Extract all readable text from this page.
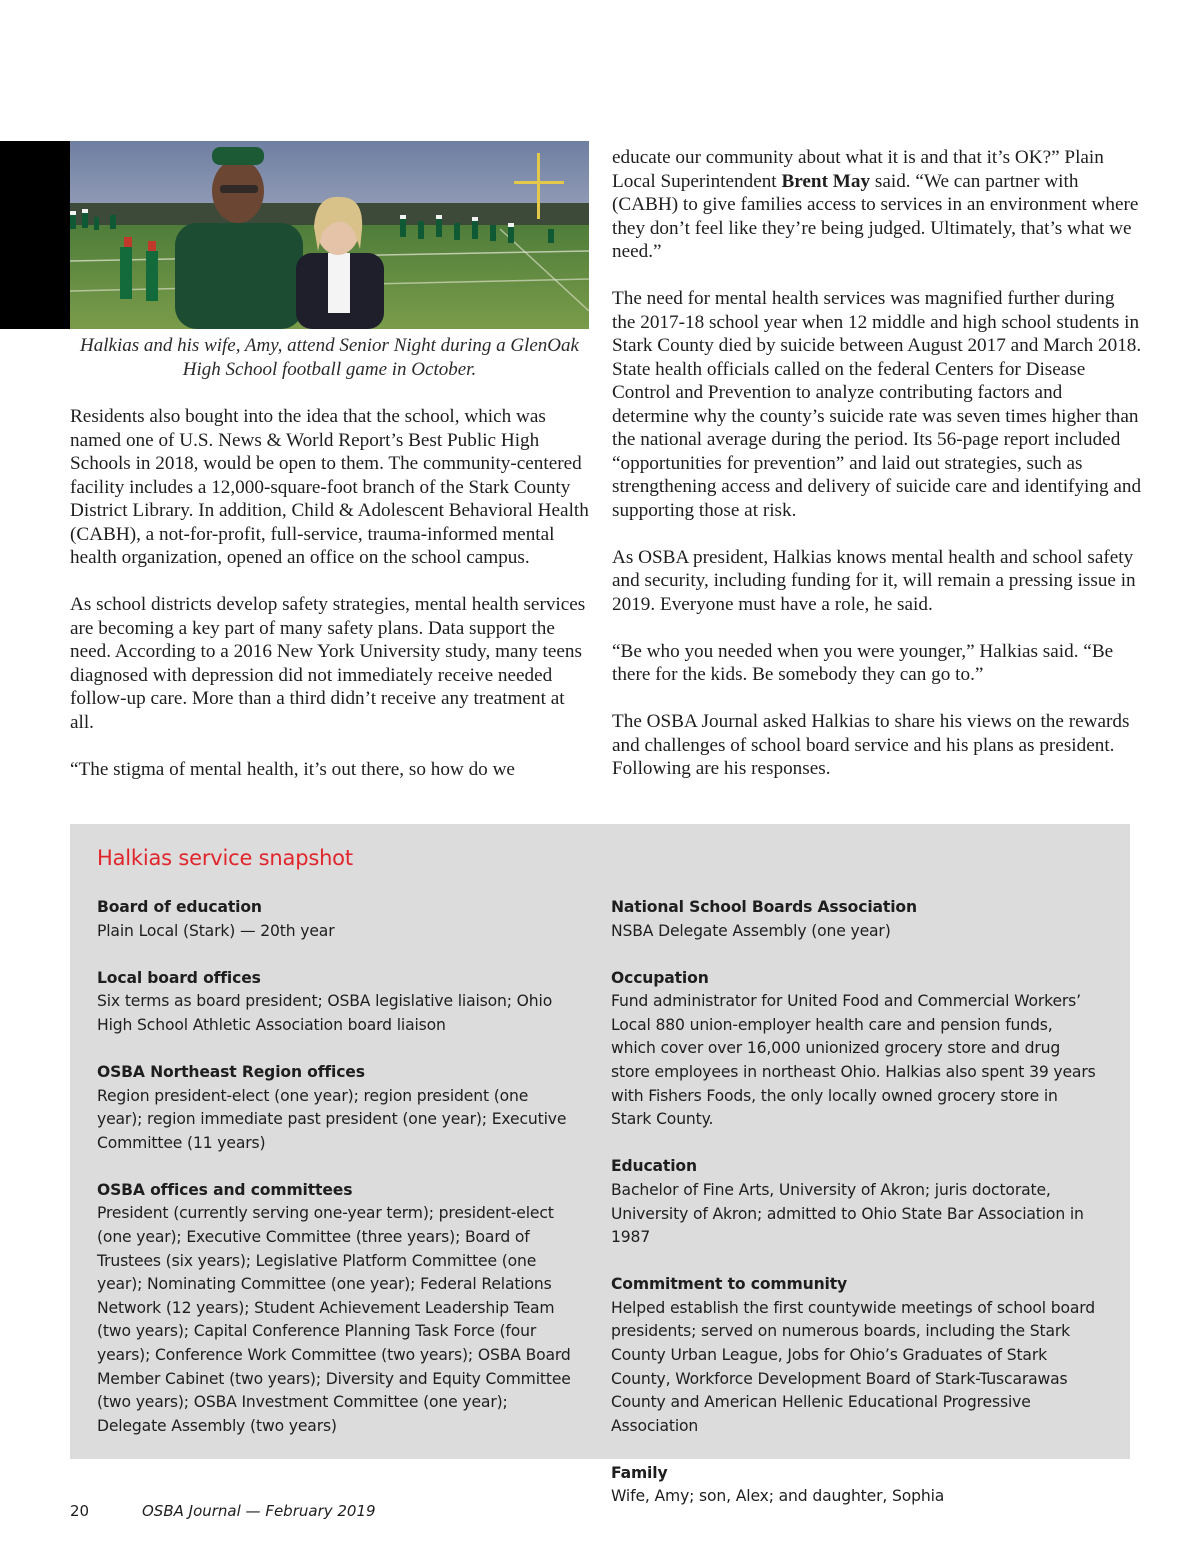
Halkias and his wife, Amy, attend Senior Night during a GlenOak High School football game in October.

Residents also bought into the idea that the school, which was named one of U.S. News & World Report’s Best Public High Schools in 2018, would be open to them. The community-centered facility includes a 12,000-square-foot branch of the Stark County District Library. In addition, Child & Adolescent Behavioral Health (CABH), a not-for-profit, full-service, trauma-informed mental health organization, opened an office on the school campus.

As school districts develop safety strategies, mental health services are becoming a key part of many safety plans. Data support the need. According to a 2016 New York University study, many teens diagnosed with depression did not immediately receive needed follow-up care. More than a third didn’t receive any treatment at all.

“The stigma of mental health, it’s out there, so how do we

educate our community about what it is and that it’s OK?” Plain Local Superintendent Brent May said. “We can partner with (CABH) to give families access to services in an environment where they don’t feel like they’re being judged. Ultimately, that’s what we need.”

The need for mental health services was magnified further during the 2017-18 school year when 12 middle and high school students in Stark County died by suicide between August 2017 and March 2018. State health officials called on the federal Centers for Disease Control and Prevention to analyze contributing factors and determine why the county’s suicide rate was seven times higher than the national average during the period. Its 56-page report included “opportunities for prevention” and laid out strategies, such as strengthening access and delivery of suicide care and identifying and supporting those at risk.

As OSBA president, Halkias knows mental health and school safety and security, including funding for it, will remain a pressing issue in 2019. Everyone must have a role, he said.

“Be who you needed when you were younger,” Halkias said. “Be there for the kids. Be somebody they can go to.”

The OSBA Journal asked Halkias to share his views on the rewards and challenges of school board service and his plans as president. Following are his responses.

Halkias service snapshot
Board of education
Plain Local (Stark) — 20th year
Local board offices
Six terms as board president; OSBA legislative liaison; Ohio High School Athletic Association board liaison
OSBA Northeast Region offices
Region president-elect (one year); region president (one year); region immediate past president (one year); Executive Committee (11 years)
OSBA offices and committees
President (currently serving one-year term); president-elect (one year); Executive Committee (three years); Board of Trustees (six years); Legislative Platform Committee (one year); Nominating Committee (one year); Federal Relations Network (12 years); Student Achievement Leadership Team (two years); Capital Conference Planning Task Force (four years); Conference Work Committee (two years); OSBA Board Member Cabinet (two years); Diversity and Equity Committee (two years); OSBA Investment Committee (one year); Delegate Assembly (two years)
National School Boards Association
NSBA Delegate Assembly (one year)
Occupation
Fund administrator for United Food and Commercial Workers’ Local 880 union-employer health care and pension funds, which cover over 16,000 unionized grocery store and drug store employees in northeast Ohio. Halkias also spent 39 years with Fishers Foods, the only locally owned grocery store in Stark County.
Education
Bachelor of Fine Arts, University of Akron; juris doctorate, University of Akron; admitted to Ohio State Bar Association in 1987
Commitment to community
Helped establish the first countywide meetings of school board presidents; served on numerous boards, including the Stark County Urban League, Jobs for Ohio’s Graduates of Stark County, Workforce Development Board of Stark-Tuscarawas County and American Hellenic Educational Progressive Association
Family
Wife, Amy; son, Alex; and daughter, Sophia
20	OSBA Journal — February 2019
